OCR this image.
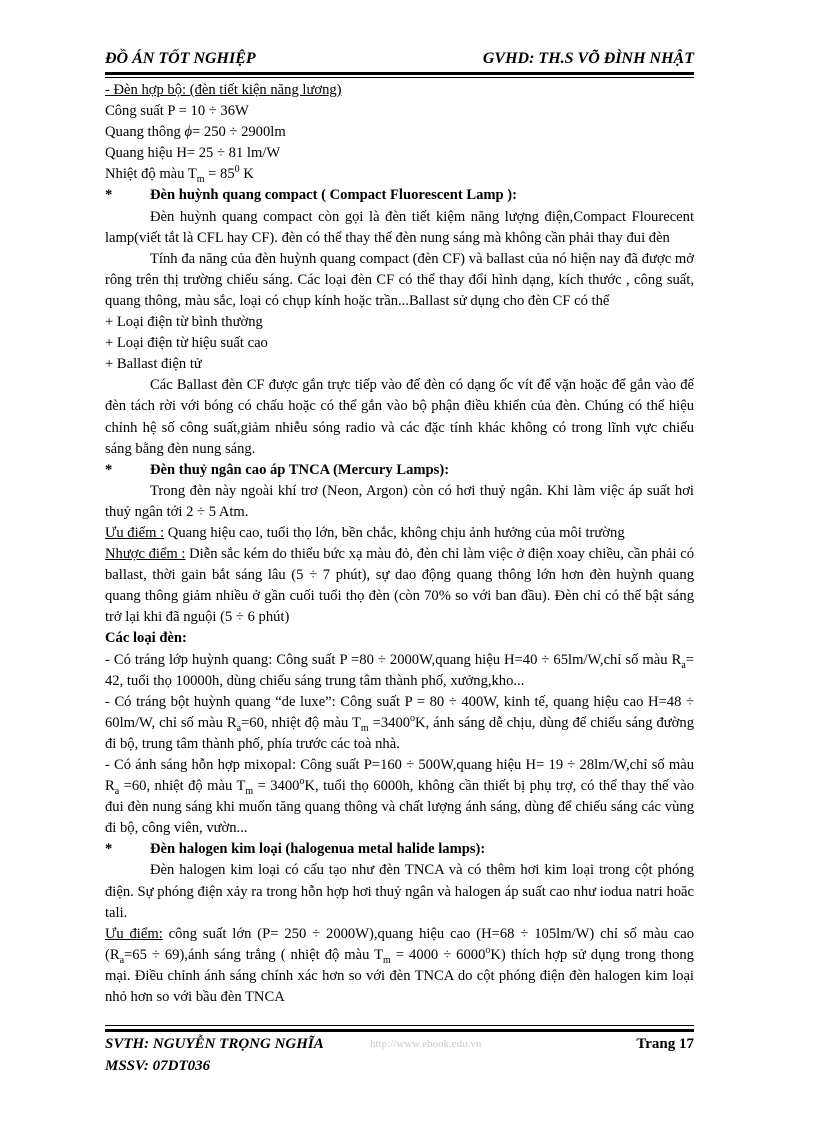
ĐỒ ÁN TỐT NGHIỆP	GVHD: TH.S VÕ ĐÌNH NHẬT

- Đèn hợp bộ: (đèn tiết kiện năng lương)

Công suất P = 10 ÷ 36W

Quang thông ϕ= 250 ÷ 2900lm

Quang hiệu H= 25 ÷ 81 lm/W

Nhiệt độ màu $T_m = 85^0$ K

*	Đèn huỳnh quang compact ( Compact Fluorescent Lamp ):

Đèn huỳnh quang compact còn gọi là đèn tiết kiệm năng lượng điện,Compact Flourecent lamp(viết tắt là CFL hay CF). đèn có thể thay thế đèn nung sáng mà không cần phải thay đui đèn

Tính đa năng của đèn huỳnh quang compact (đèn CF) và ballast của nó hiện nay đã được mở rông trên thị trường chiếu sáng. Các loại đèn CF có thể thay đổi hình dạng, kích thước , công suất, quang thông, màu sắc, loại có chụp kính hoặc trần...Ballast sử dụng cho đèn CF có thể

+ Loại điện từ bình thường

+ Loại điện từ hiệu suất cao

+ Ballast điện tử

Các Ballast đèn CF được gắn trực tiếp vào đế đèn có dạng ốc vít để vặn hoặc để gắn vào đế đèn tách rời với bóng có chấu hoặc có thể gắn vào bộ phận điều khiển của đèn. Chúng có thể hiệu chỉnh hệ số công suất,giảm nhiễu sóng radio và các đặc tính khác không có trong lĩnh vực chiếu sáng bằng đèn nung sáng.

*	Đèn thuỷ ngân cao áp TNCA (Mercury Lamps):

Trong đèn này ngoài khí trơ (Neon, Argon) còn có hơi thuỷ ngân. Khi làm việc áp suất hơi thuỷ ngân tới 2 ÷ 5 Atm.

Ưu điểm : Quang hiệu cao, tuổi thọ lớn, bền chắc, không chịu ảnh hưởng của môi trường

Nhược điểm : Diễn sắc kém do thiếu bức xạ màu đỏ, đèn chỉ làm việc ở điện xoay chiều, cần phải có ballast, thời gain bắt sáng lâu (5 ÷ 7 phút), sự dao động quang thông lớn hơn đèn huỳnh quang quang thông giảm nhiều ở gần cuối tuổi thọ đèn (còn 70% so với ban đầu). Đèn chỉ có thể bật sáng trở lại khi đã nguội (5 ÷ 6 phút)

Các loại đèn:

- Có tráng lớp huỳnh quang: Công suất P =80 ÷ 2000W,quang hiệu H=40 ÷ 65lm/W,chỉ số màu $R_a= 42$, tuổi thọ 10000h, dùng chiếu sáng trung tâm thành phố, xưởng,kho...

- Có tráng bột huỳnh quang “de luxe”: Công suất P = 80 ÷ 400W, kinh tế, quang hiệu cao H=48 ÷ 60lm/W, chỉ số màu $R_a=60$, nhiệt độ màu $T_m =3400^oK$, ánh sáng dễ chịu, dùng để chiếu sáng đường đi bộ, trung tâm thành phố, phía trước các toà nhà.

- Có ánh sáng hỗn hợp mixopal: Công suất P=160 ÷ 500W,quang hiệu H= 19 ÷ 28lm/W,chỉ số màu $R_a =60$, nhiệt độ màu $T_m = 3400^oK$, tuổi thọ 6000h, không cần thiết bị phụ trợ, có thể thay thế vào đui đèn nung sáng khi muốn tăng quang thông và chất lượng ánh sáng, dùng để chiếu sáng các vùng đi bộ, công viên, vườn...

*	Đèn halogen kim loại (halogenua metal halide lamps):

Đèn halogen kim loại có cấu tạo như đèn TNCA và có thêm hơi kim loại trong cột phóng điện. Sự phóng điện xảy ra trong hỗn hợp hơi thuỷ ngân và halogen áp suất cao như iodua natri hoăc tali.

Ưu điểm: công suất lớn (P= 250 ÷ 2000W),quang hiệu cao (H=68 ÷ 105lm/W) chỉ số màu cao ($R_a=65$ ÷ 69),ánh sáng trắng ( nhiệt độ màu $T_m = 4000 \div 6000^oK$) thích hợp sử dụng trong thong mại. Điều chỉnh ánh sáng chính xác hơn so với đèn TNCA do cột phóng điện đèn halogen kim loại nhỏ hơn so với bầu đèn TNCA

SVTH: NGUYỄN TRỌNG NGHĨA	http://www.ebook.edu.vn	Trang 17
MSSV: 07DT036
